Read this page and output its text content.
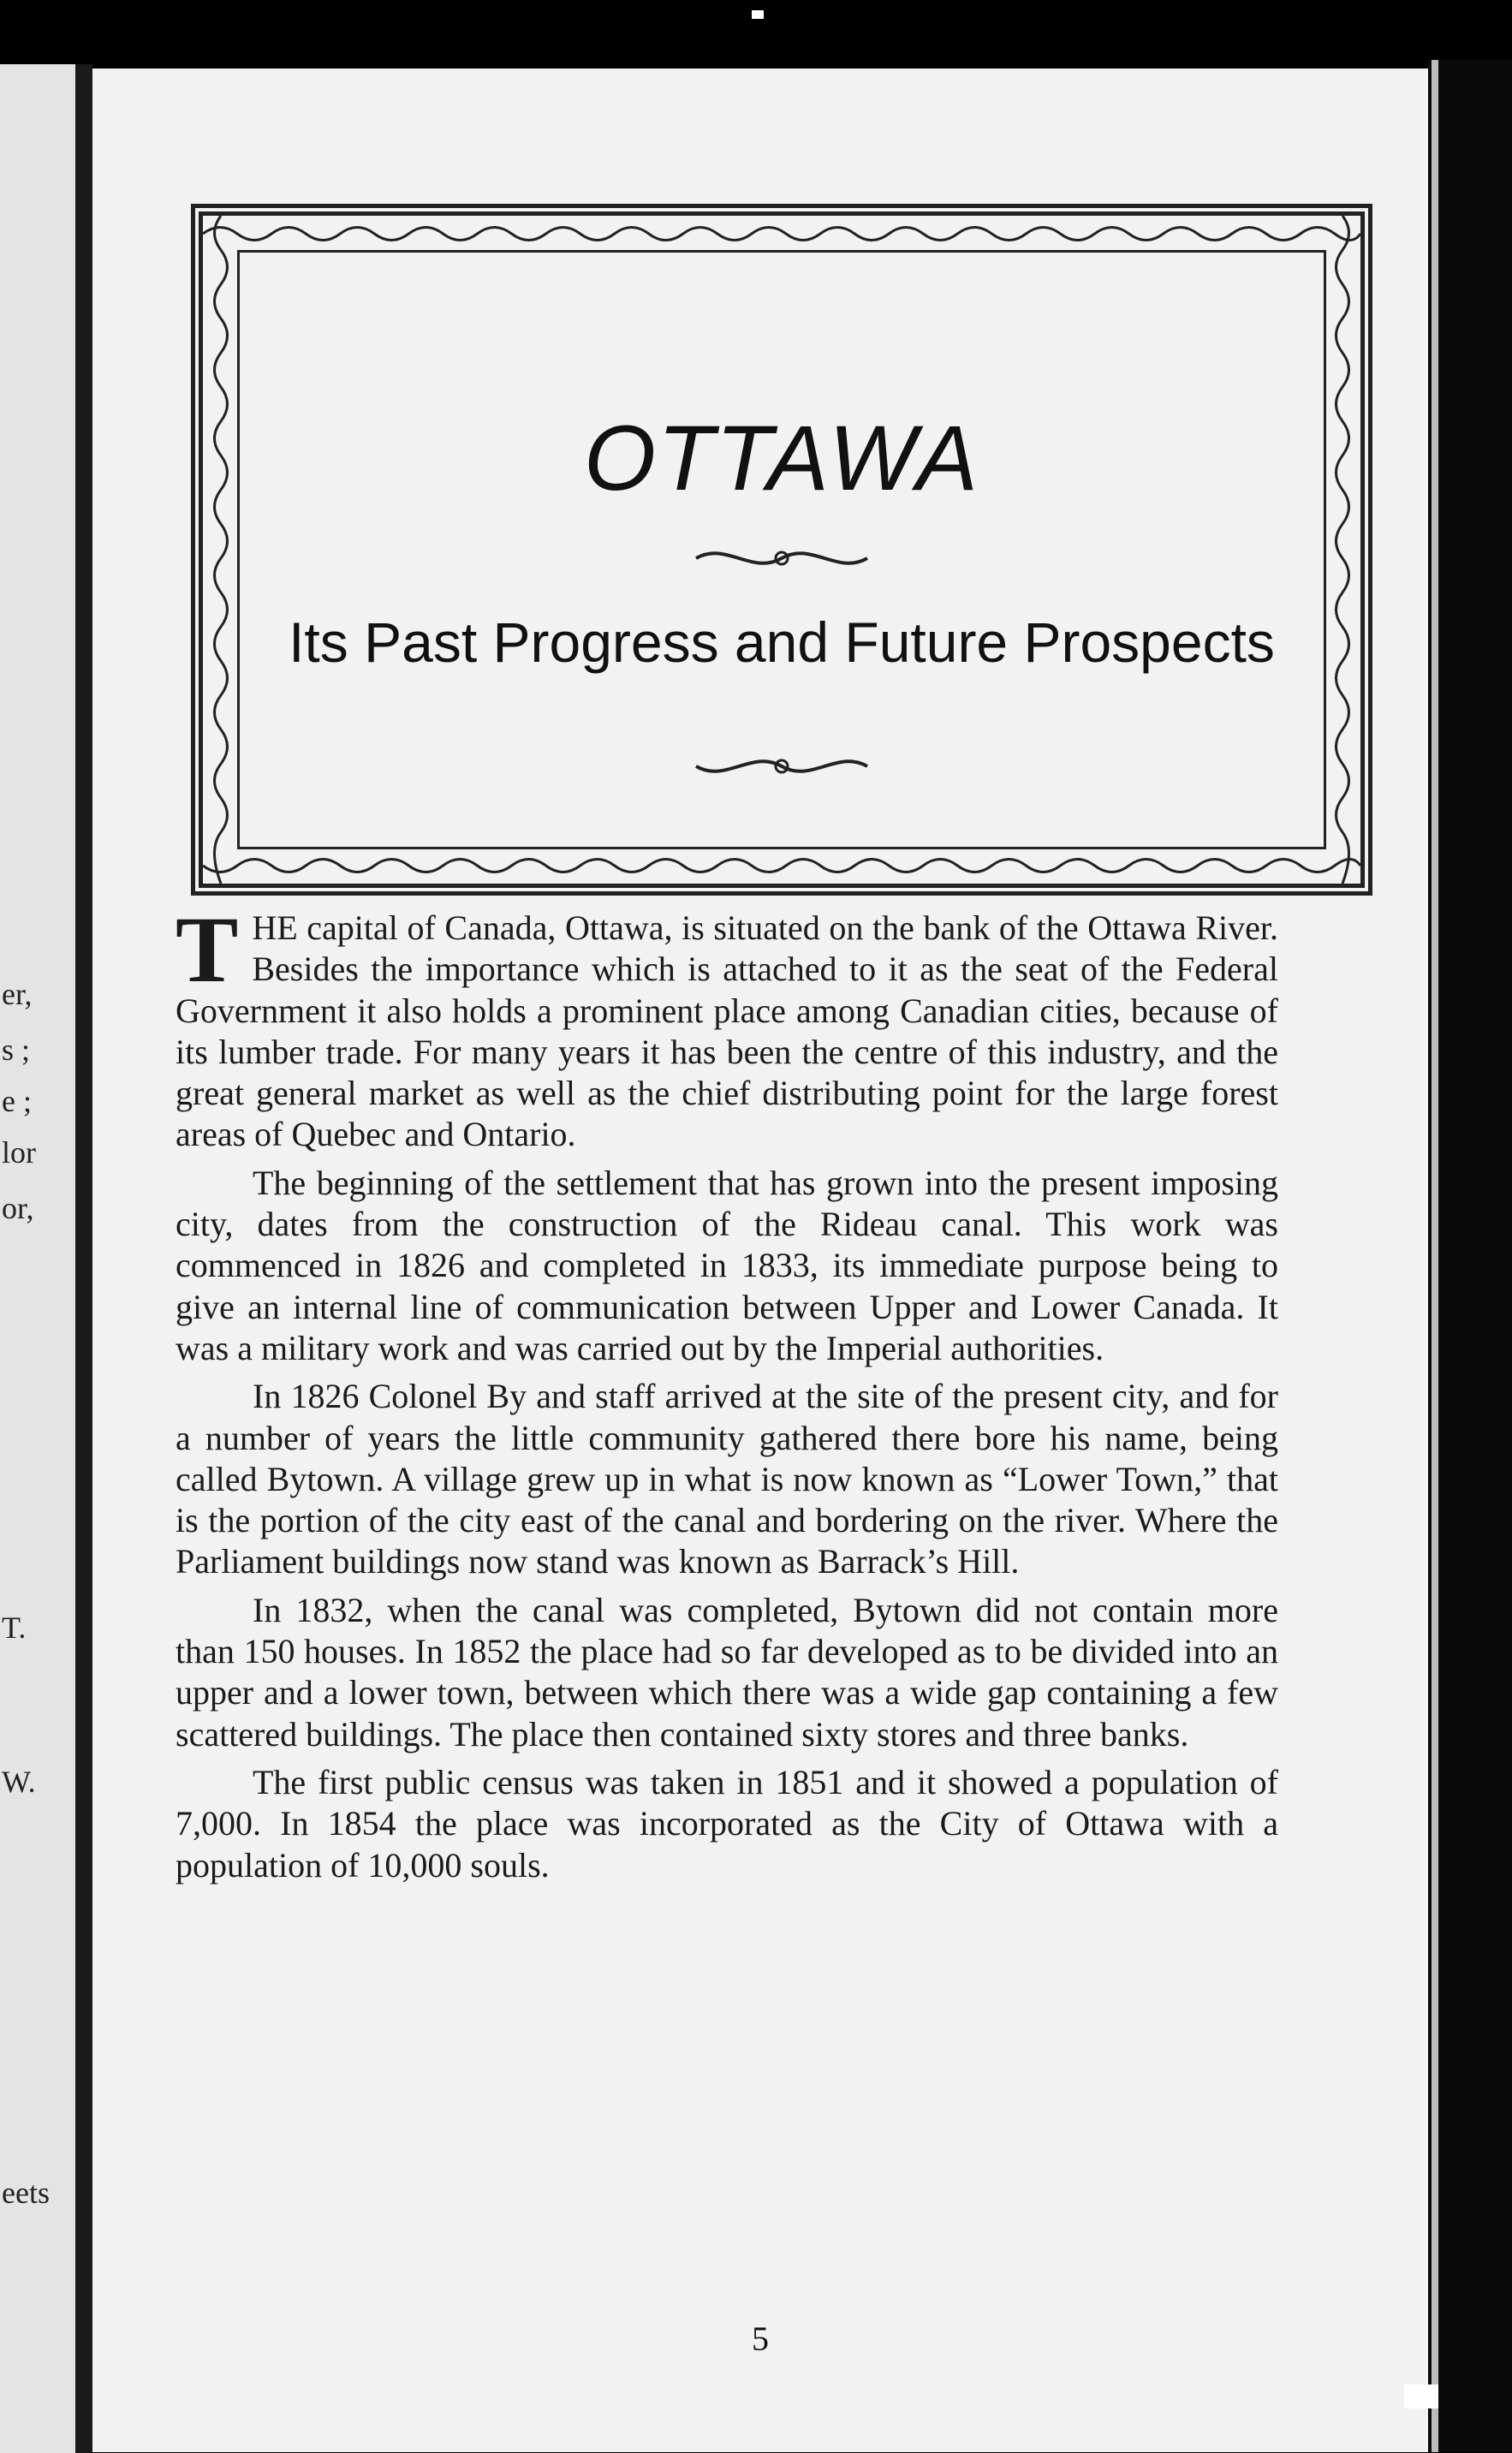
er,
s ;
e ;
lor
or,
T.
W.
eets
OTTAWA
Its Past Progress and Future Prospects

THE capital of Canada, Ottawa, is situated on the bank of the Ottawa River. Besides the importance which is attached to it as the seat of the Federal Government it also holds a prominent place among Canadian cities, because of its lumber trade. For many years it has been the centre of this industry, and the great general market as well as the chief distributing point for the large forest areas of Quebec and Ontario.

The beginning of the settlement that has grown into the present imposing city, dates from the construction of the Rideau canal. This work was commenced in 1826 and completed in 1833, its immediate purpose being to give an internal line of communication between Upper and Lower Canada. It was a military work and was carried out by the Imperial authorities.

In 1826 Colonel By and staff arrived at the site of the present city, and for a number of years the little community gathered there bore his name, being called Bytown. A village grew up in what is now known as “Lower Town,” that is the portion of the city east of the canal and bordering on the river. Where the Parliament buildings now stand was known as Barrack’s Hill.

In 1832, when the canal was completed, Bytown did not contain more than 150 houses. In 1852 the place had so far developed as to be divided into an upper and a lower town, between which there was a wide gap containing a few scattered buildings. The place then contained sixty stores and three banks.

The first public census was taken in 1851 and it showed a population of 7,000. In 1854 the place was incorporated as the City of Ottawa with a population of 10,000 souls.

5
